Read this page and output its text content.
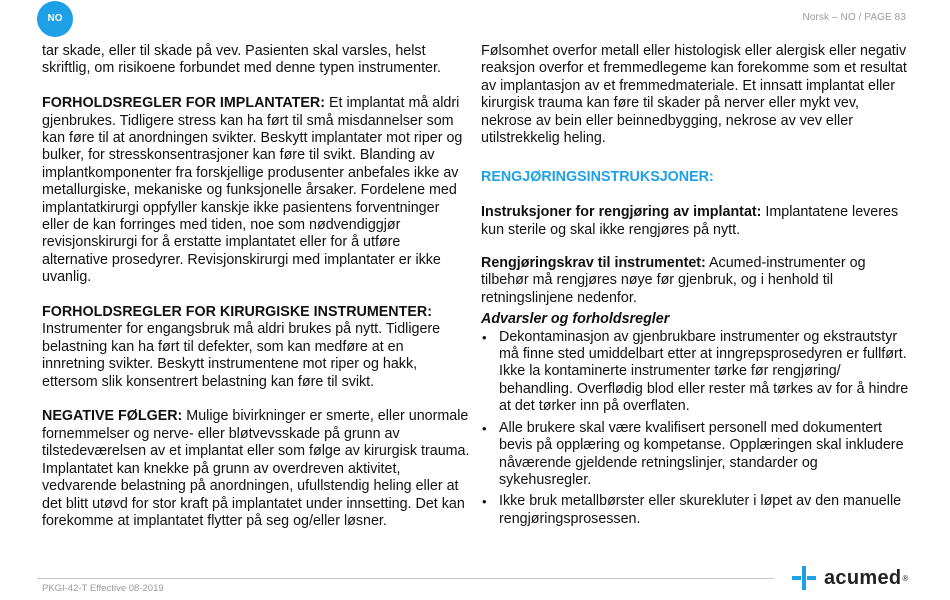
NO	Norsk – NO / PAGE 83

tar skade, eller til skade på vev. Pasienten skal varsles, helst skriftlig, om risikoene forbundet med denne typen instrumenter.

FORHOLDSREGLER FOR IMPLANTATER: Et implantat må aldri gjenbrukes. Tidligere stress kan ha ført til små misdannelser som kan føre til at anordningen svikter. Beskytt implantater mot riper og bulker, for stresskonsentrasjoner kan føre til svikt. Blanding av implantkomponenter fra forskjellige produsenter anbefales ikke av metallurgiske, mekaniske og funksjonelle årsaker. Fordelene med implantatkirurgi oppfyller kanskje ikke pasientens forventninger eller de kan forringes med tiden, noe som nødvendiggjør revisjonskirurgi for å erstatte implantatet eller for å utføre alternative prosedyrer. Revisjonskirurgi med implantater er ikke uvanlig.

FORHOLDSREGLER FOR KIRURGISKE INSTRUMENTER: Instrumenter for engangsbruk må aldri brukes på nytt. Tidligere belastning kan ha ført til defekter, som kan medføre at en innretning svikter. Beskytt instrumentene mot riper og hakk, ettersom slik konsentrert belastning kan føre til svikt.

NEGATIVE FØLGER: Mulige bivirkninger er smerte, eller unormale fornemmelser og nerve- eller bløtvevsskade på grunn av tilstedeværelsen av et implantat eller som følge av kirurgisk trauma. Implantatet kan knekke på grunn av overdreven aktivitet, vedvarende belastning på anordningen, ufullstendig heling eller at det blitt utøvd for stor kraft på implantatet under innsetting. Det kan forekomme at implantatet flytter på seg og/eller løsner.

Følsomhet overfor metall eller histologisk eller alergisk eller negativ reaksjon overfor et fremmedlegeme kan forekomme som et resultat av implantasjon av et fremmedmateriale. Et innsatt implantat eller kirurgisk trauma kan føre til skader på nerver eller mykt vev, nekrose av bein eller beinnedbygging, nekrose av vev eller utilstrekkelig heling.

RENGJØRINGSINSTRUKSJONER:

Instruksjoner for rengjøring av implantat: Implantatene leveres kun sterile og skal ikke rengjøres på nytt.

Rengjøringskrav til instrumentet: Acumed-instrumenter og tilbehør må rengjøres nøye før gjenbruk, og i henhold til retningslinjene nedenfor.

Advarsler og forholdsregler

• Dekontaminasjon av gjenbrukbare instrumenter og ekstrautstyr må finne sted umiddelbart etter at inngrepsprosedyren er fullført. Ikke la kontaminerte instrumenter tørke før rengjøring/ behandling. Overflødig blod eller rester må tørkes av for å hindre at det tørker inn på overflaten.
• Alle brukere skal være kvalifisert personell med dokumentert bevis på opplæring og kompetanse. Opplæringen skal inkludere nåværende gjeldende retningslinjer, standarder og sykehusregler.
• Ikke bruk metallbørster eller skurekluter i løpet av den manuelle rengjøringsprosessen.
PKGI-42-T Effective 08-2019	acumed ®
